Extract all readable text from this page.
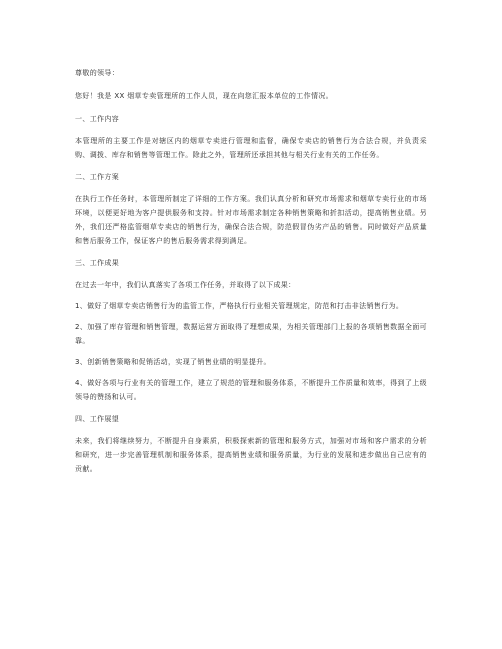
尊敬的领导：

您好！我是 XX 烟草专卖管理所的工作人员，现在向您汇报本单位的工作情况。

一、工作内容

本管理所的主要工作是对辖区内的烟草专卖进行管理和监督，确保专卖店的销售行为合法合规，并负责采购、调拨、库存和销售等管理工作。除此之外，管理所还承担其他与相关行业有关的工作任务。

二、工作方案

在执行工作任务时，本管理所制定了详细的工作方案。我们认真分析和研究市场需求和烟草专卖行业的市场环境，以便更好地为客户提供服务和支持。针对市场需求制定各种销售策略和折扣活动，提高销售业绩。另外，我们还严格监管烟草专卖店的销售行为，确保合法合规，防范假冒伪劣产品的销售。同时做好产品质量和售后服务工作，保证客户的售后服务需求得到满足。

三、工作成果

在过去一年中，我们认真落实了各项工作任务，并取得了以下成果：

1、做好了烟草专卖店销售行为的监管工作，严格执行行业相关管理规定，防范和打击非法销售行为。

2、加强了库存管理和销售管理，数据运营方面取得了理想成果，为相关管理部门上报的各项销售数据全面可靠。

3、创新销售策略和促销活动，实现了销售业绩的明显提升。

4、做好各项与行业有关的管理工作，建立了规范的管理和服务体系，不断提升工作质量和效率，得到了上级领导的赞扬和认可。

四、工作展望

未来，我们将继续努力，不断提升自身素质，积极探索新的管理和服务方式，加强对市场和客户需求的分析和研究，进一步完善管理机制和服务体系，提高销售业绩和服务质量，为行业的发展和进步做出自己应有的贡献。
